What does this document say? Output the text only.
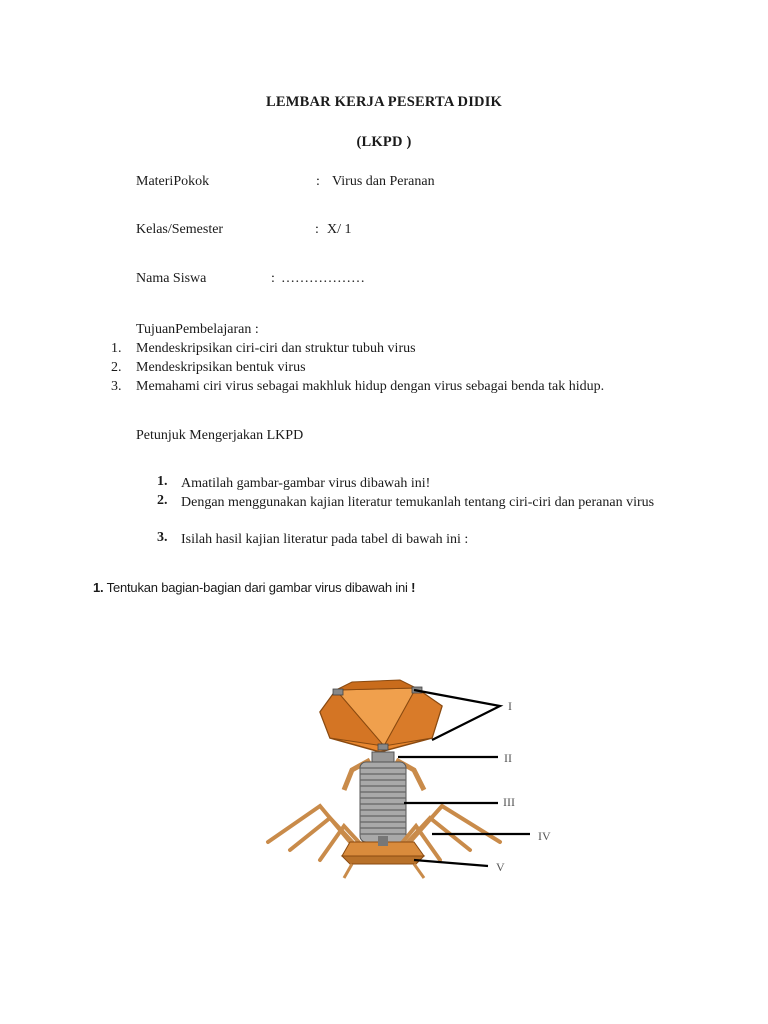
LEMBAR KERJA PESERTA DIDIK
(LKPD )
MateriPokok	: Virus dan Peranan
Kelas/Semester	: X/ 1
Nama Siswa	: ………………
TujuanPembelajaran :
1.	Mendeskripsikan ciri-ciri dan struktur tubuh virus
2.	Mendeskripsikan bentuk virus
3.	Memahami ciri virus sebagai makhluk hidup dengan virus sebagai benda tak hidup.
Petunjuk Mengerjakan LKPD
1. Amatilah gambar-gambar virus dibawah ini!
2. Dengan menggunakan kajian literatur temukanlah tentang ciri-ciri dan peranan virus
3. Isilah hasil kajian literatur pada tabel di bawah ini :
1. Tentukan bagian-bagian dari gambar virus dibawah ini !
I
II
III
IV
V
